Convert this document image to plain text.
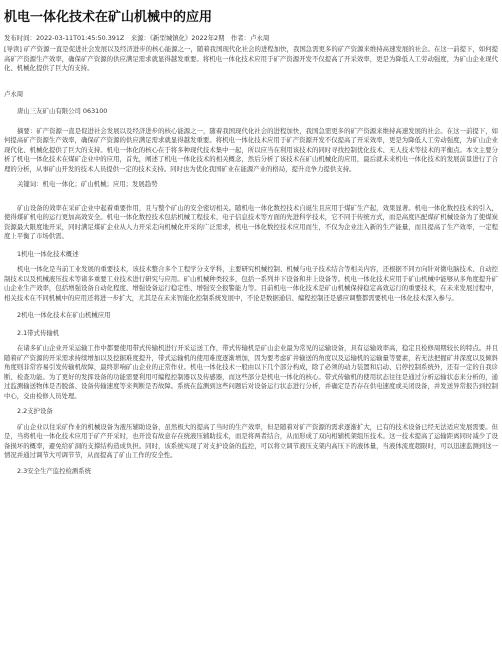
机电一体化技术在矿山机械中的应用

发布时间：2022-03-11T01:45:50.391Z　来源：《新型城镇化》2022年2期　作者：卢永周

[导读] 矿产资源一直是促进社会发展以及经济进步的核心能源之一，随着我国现代化社会的进程加快，我国急需更多的矿产资源来维持高速发展的社会。在这一前提下，如何提高矿产资源生产效率，确保矿产资源的供应满足需求就显得越发重要。将机电一体化技术应用于矿产资源开发不仅提高了开采效率，更是为降低人工劳动强度，为矿山企业现代化、机械化提供了巨大的支持。

卢永周

唐山三友矿山有限公司 063100

摘要：矿产资源一直是促进社会发展以及经济进步的核心能源之一，随着我国现代化社会的进程加快，我国急需更多的矿产资源来维持高速发展的社会。在这一前提下，如何提高矿产资源生产效率，确保矿产资源的供应满足需求就显得越发重要。将机电一体化技术应用于矿产资源开发不仅提高了开采效率，更是为降低人工劳动强度，为矿山企业现代化、机械化提供了巨大的支持。机电一体化的核心在于将多种现代技术集中一起，所以应当在利用该技术的同时寻找控制优化技术、无人技术等技术的平衡点。本文主要分析了机电一体化技术在煤矿企业中的应用，首先，阐述了机电一体化技术的相关概念，然后分析了该技术在矿山机械化的应用，最后就未来机电一体化技术的发展前景进行了合理的分析，从事矿山开发的技术人员提供一定的技术支持。同时也为优化我国矿业在能源产业的格局，提升竞争力提供支持。

关键词：机电一体化；矿山机械；应用；发展趋势

矿山设备的效率在采矿企业中起着重要作用，且与整个矿山的安全密切相关。随机电一体化数控技术自诞生且应用于煤矿生产起，效果显著。机电一体化数控技术的引入，使得煤矿机电的运行更加高效安全。机电一体化数控技术包括机械工程技术、电子信息技术等方面的先进科学技术，它不同于传统方式，而是高度匹配煤矿机械设备为了使煤炭资源最大限度地开采，同时满足煤矿企业从人力开采走向机械化开采的广泛需求，机电一体化数控技术应用而生，不仅为企业注入新的生产能量，而且提高了生产效率，一定程度上平衡了市场供需。

1机电一体化技术概述

机电一体化是当前工业发展的重要技术，该技术整合多个工程学分支学科，主要研究机械控制、机械与电子技术结合等相关内容，还根据不同方向针对微电脑技术、自动控制技术以及机械液压技术等诸多重要工业技术进行研究与应用。矿山机械种类较多，包括一系列井下设备和井上设备等。机电一体化技术应用于矿山机械中能够从多角度提升矿山企业生产效率，包括增强设备自动化程度、增强设备运行稳定性、增强安全报警能力等。目前机电一体化技术是矿山机械保持稳定高效运行的重要技术，在未来发展过程中，相关技术在不同机械中的应用还将进一步扩大，尤其是在未来智能化控制系统发展中，不论是数据通信、编程控制还是感应调整都需要机电一体化技术深入参与。

2机电一体化技术在矿山机械应用

2.1带式传输机

在诸多矿山企业开采运输工作中都要使用带式传输机进行开采运送工作，带式传输机是矿山企业最为常见的运输设备，具有运输效率高，稳定且检修周期较长的特点。并且随着矿产资源的开采需求持续增加以及挖掘难度提升，带式运输机的使用难度逐渐增加，因为要考虑矿井输送的角度以及运输机的运输量等要素，若无法把握矿井深度以及倾斜角度则非常容易引发传输机故障，最终影响矿山企业的正常作业。机电一体化技术一般由以下几个部分构成，除了必须的动力装置和启动、启停控制系统外，还有一定的自我诊断、检查功能。为了更好的发挥设备的功能需要利用可编程控制器以及传感器，而这些部分是机电一体化的核心。带式传输机的使用状态往往是通过分析运输状态来分析的，通过监测输送物体是否脱落、设备传输速度等来判断是否故障。系统在监测到这些问题后对设备运行状态进行分析，并确定是否存在供电速度或关闭设备，并发送异常报告到控制中心，交由检修人员处理。

2.2支护设备

矿山企业以往采矿作业的机械设备为液压辅助设备，虽然极大的提高了当时的生产效率，但是随着对矿产资源的需求逐渐扩大，已有的技术设备已经无法适应发展需要。但是，当将机电一体化技术应用于矿产开采时，也开没有故意存在统液压辅助技术，而是将两者结合，从而形成了双向相辅机架组压技术。这一技术提高了运输距离同时减少了设备损坏的概率，避免给矿洞的支撑结构造成负担。同时，该系统实现了对支护设备的监控，可以将立调节液压支架内高压下的液体量，当液体流度超限时，可以迅速监测到这一情况并通过调节大可调节节，从而提高了矿山工作的安全性。

2.3安全生产监控检测系统
